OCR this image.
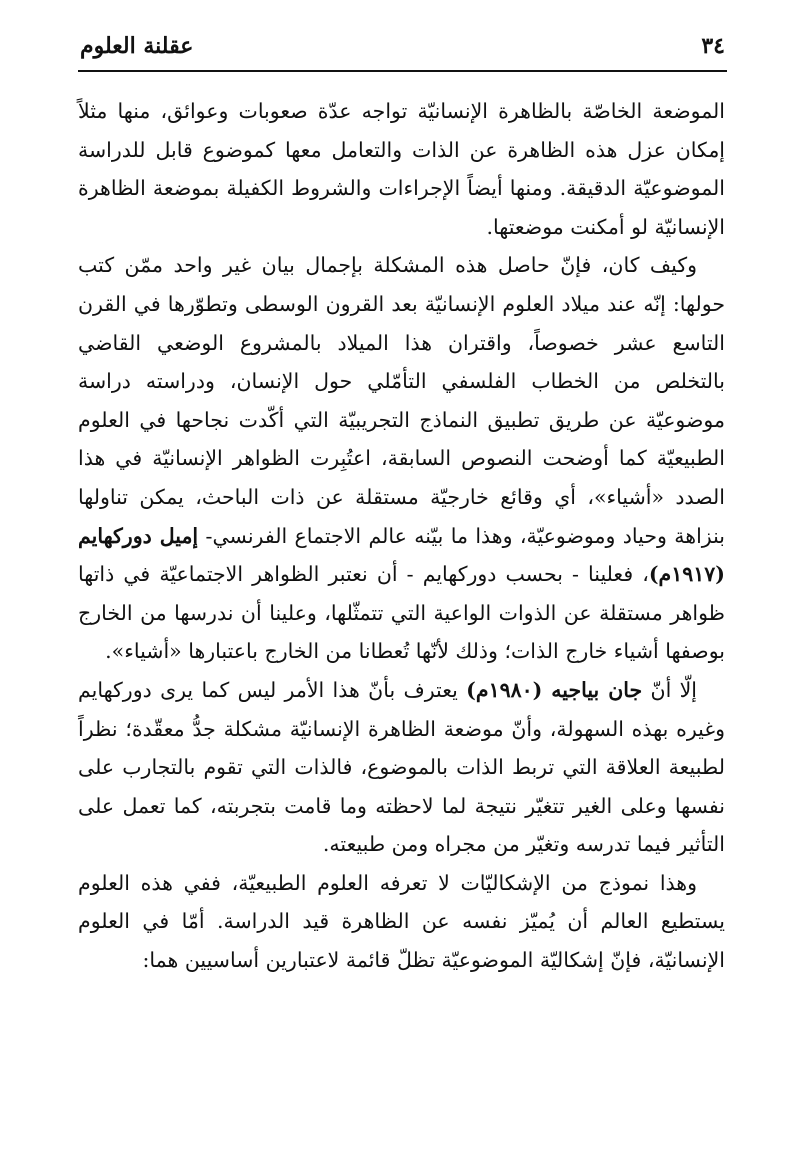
٣٤
عقلنة العلوم

الموضعة الخاصّة بالظاهرة الإنسانيّة تواجه عدّة صعوبات وعوائق، منها مثلاً إمكان عزل هذه الظاهرة عن الذات والتعامل معها كموضوع قابل للدراسة الموضوعيّة الدقيقة. ومنها أيضاً الإجراءات والشروط الكفيلة بموضعة الظاهرة الإنسانيّة لو أمكنت موضعتها.

وكيف كان، فإنّ حاصل هذه المشكلة بإجمال بيان غير واحد ممّن كتب حولها: إنّه عند ميلاد العلوم الإنسانيّة بعد القرون الوسطى وتطوّرها في القرن التاسع عشر خصوصاً، واقتران هذا الميلاد بالمشروع الوضعي القاضي بالتخلص من الخطاب الفلسفي التأمّلي حول الإنسان، ودراسته دراسة موضوعيّة عن طريق تطبيق النماذج التجريبيّة التي أكّدت نجاحها في العلوم الطبيعيّة كما أوضحت النصوص السابقة، اعتُبِرت الظواهر الإنسانيّة في هذا الصدد «أشياء»، أي وقائع خارجيّة مستقلة عن ذات الباحث، يمكن تناولها بنزاهة وحياد وموضوعيّة، وهذا ما بيّنه عالم الاجتماع الفرنسي- إميل دوركهايم (١٩١٧م)، فعلينا - بحسب دوركهايم - أن نعتبر الظواهر الاجتماعيّة في ذاتها ظواهر مستقلة عن الذوات الواعية التي تتمثّلها، وعلينا أن ندرسها من الخارج بوصفها أشياء خارج الذات؛ وذلك لأنّها تُعطانا من الخارج باعتبارها «أشياء».

إلّا أنّ جان بياجيه (١٩٨٠م) يعترف بأنّ هذا الأمر ليس كما يرى دوركهايم وغيره بهذه السهولة، وأنّ موضعة الظاهرة الإنسانيّة مشكلة جدُّ معقّدة؛ نظراً لطبيعة العلاقة التي تربط الذات بالموضوع، فالذات التي تقوم بالتجارب على نفسها وعلى الغير تتغيّر نتيجة لما لاحظته وما قامت بتجربته، كما تعمل على التأثير فيما تدرسه وتغيّر من مجراه ومن طبيعته.

وهذا نموذج من الإشكاليّات لا تعرفه العلوم الطبيعيّة، ففي هذه العلوم يستطيع العالم أن يُميّز نفسه عن الظاهرة قيد الدراسة. أمّا في العلوم الإنسانيّة، فإنّ إشكاليّة الموضوعيّة تظلّ قائمة لاعتبارين أساسيين هما:
